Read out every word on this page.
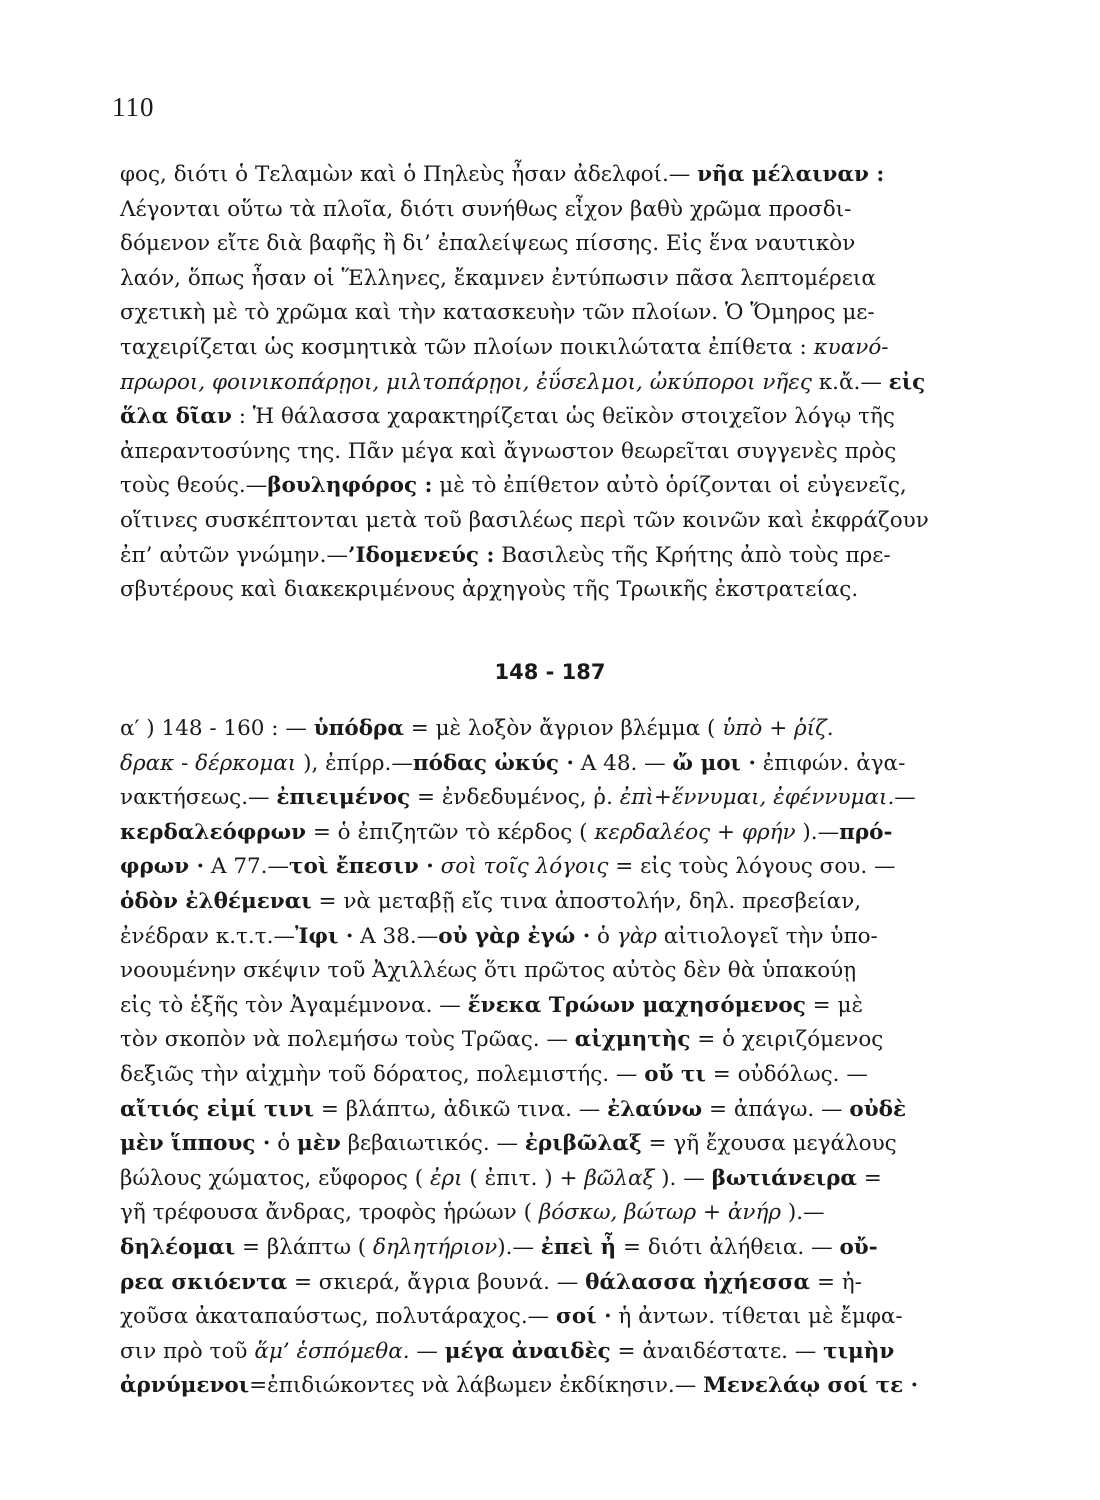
110
φος, διότι ὁ Τελαμὼν καὶ ὁ Πηλεὺς ἦσαν ἀδελφοί.— νῆα μέλαιναν :
Λέγονται οὕτω τὰ πλοῖα, διότι συνήθως εἶχον βαθὺ χρῶμα προσδι-
δόμενον εἴτε διὰ βαφῆς ἢ δι’ ἐπαλείψεως πίσσης. Εἰς ἕνα ναυτικὸν
λαόν, ὅπως ἦσαν οἱ Ἕλληνες, ἔκαμνεν ἐντύπωσιν πᾶσα λεπτομέρεια
σχετικὴ μὲ τὸ χρῶμα καὶ τὴν κατασκευὴν τῶν πλοίων. Ὁ Ὅμηρος με-
ταχειρίζεται ὡς κοσμητικὰ τῶν πλοίων ποικιλώτατα ἐπίθετα : κυανό-
πρωροι, φοινικοπάρῃοι, μιλτοπάρῃοι, ἐΰσελμοι, ὠκύποροι νῆες κ.ἄ.— εἰς
ἅλα δῖαν : Ἡ θάλασσα χαρακτηρίζεται ὡς θεϊκὸν στοιχεῖον λόγῳ τῆς
ἀπεραντοσύνης της. Πᾶν μέγα καὶ ἄγνωστον θεωρεῖται συγγενὲς πρὸς
τοὺς θεούς.—βουληφόρος : μὲ τὸ ἐπίθετον αὐτὸ ὁρίζονται οἱ εὐγενεῖς,
οἵτινες συσκέπτονται μετὰ τοῦ βασιλέως περὶ τῶν κοινῶν καὶ ἐκφράζουν
ἐπ’ αὐτῶν γνώμην.—’Ιδομενεύς : Βασιλεὺς τῆς Κρήτης ἀπὸ τοὺς πρε-
σβυτέρους καὶ διακεκριμένους ἀρχηγοὺς τῆς Τρωικῆς ἐκστρατείας.
148 - 187
α′ ) 148 - 160 : — ὑπόδρα = μὲ λοξὸν ἄγριον βλέμμα ( ὑπὸ + ῥίζ.
δρακ - δέρκομαι ), ἐπίρρ.—πόδας ὠκύς · Α 48. — ὤ μοι · ἐπιφών. ἀγα-
νακτήσεως.— ἐπιειμένος = ἐνδεδυμένος, ῥ. ἐπὶ+ἕννυμαι, ἐφέννυμαι.—
κερδαλεόφρων = ὁ ἐπιζητῶν τὸ κέρδος ( κερδαλέος + φρήν ).—πρό-
φρων · Α 77.—τοὶ ἔπεσιν · σοὶ τοῖς λόγοις = εἰς τοὺς λόγους σου. —
ὁδὸν ἐλθέμεναι = νὰ μεταβῇ εἴς τινα ἀποστολήν, δηλ. πρεσβείαν,
ἐνέδραν κ.τ.τ.—Ἰφι · Α 38.—οὐ γὰρ ἐγώ · ὁ γὰρ αἰτιολογεῖ τὴν ὑπο-
νοουμένην σκέψιν τοῦ Ἀχιλλέως ὅτι πρῶτος αὐτὸς δὲν θὰ ὑπακούῃ
εἰς τὸ ἑξῆς τὸν Ἀγαμέμνονα. — ἕνεκα Τρώων μαχησόμενος = μὲ
τὸν σκοπὸν νὰ πολεμήσω τοὺς Τρῶας. — αἰχμητὴς = ὁ χειριζόμενος
δεξιῶς τὴν αἰχμὴν τοῦ δόρατος, πολεμιστής. — οὔ τι = οὐδόλως. —
αἴτιός εἰμί τινι = βλάπτω, ἀδικῶ τινα. — ἐλαύνω = ἀπάγω. — οὐδὲ
μὲν ἵππους · ὁ μὲν βεβαιωτικός. — ἐριβῶλαξ = γῆ ἔχουσα μεγάλους
βώλους χώματος, εὔφορος ( ἐρι ( ἐπιτ. ) + βῶλαξ ). — βωτιάνειρα =
γῆ τρέφουσα ἄνδρας, τροφὸς ἡρώων ( βόσκω, βώτωρ + ἀνήρ ).—
δηλέομαι = βλάπτω ( δηλητήριον).— ἐπεὶ ἦ = διότι ἀλήθεια. — οὔ-
ρεα σκιόεντα = σκιερά, ἄγρια βουνά. — θάλασσα ἠχήεσσα = ἠ-
χοῦσα ἀκαταπαύστως, πολυτάραχος.— σοί · ἡ ἀντων. τίθεται μὲ ἔμφα-
σιν πρὸ τοῦ ἅμ’ ἑσπόμεθα. — μέγα ἀναιδὲς = ἀναιδέστατε. — τιμὴν
ἀρνύμενοι=ἐπιδιώκοντες νὰ λάβωμεν ἐκδίκησιν.— Μενελάῳ σοί τε ·
